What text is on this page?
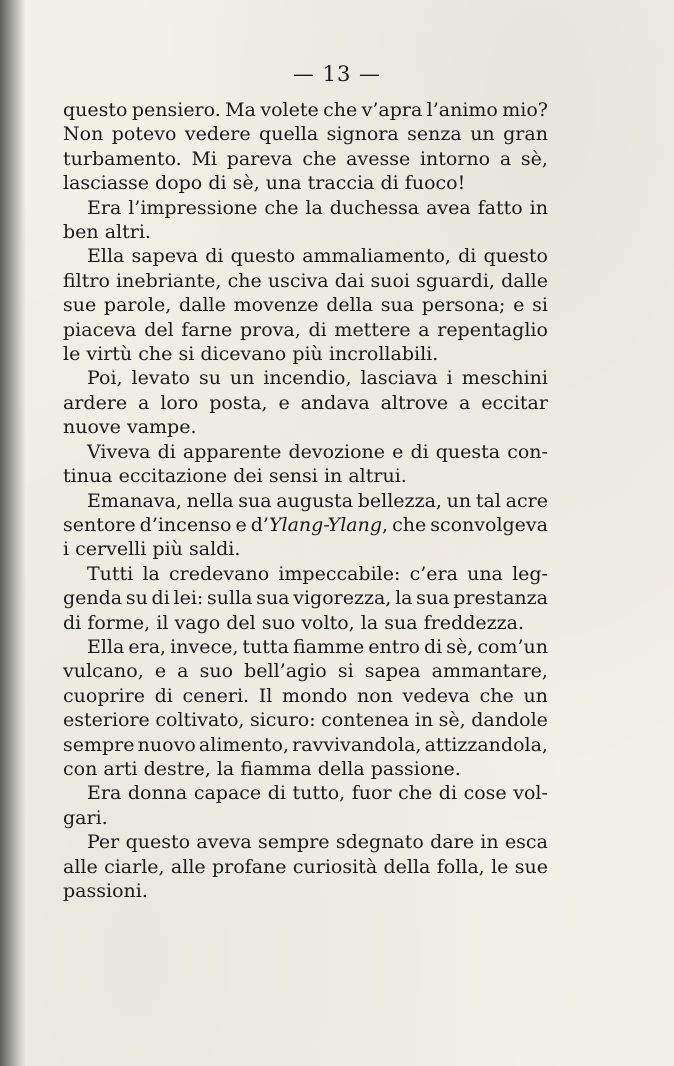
— 13 —
questo pensiero. Ma volete che v’apra l’animo mio?
Non potevo vedere quella signora senza un gran
turbamento. Mi pareva che avesse intorno a sè,
lasciasse dopo di sè, una traccia di fuoco!
Era l’impressione che la duchessa avea fatto in
ben altri.
Ella sapeva di questo ammaliamento, di questo
filtro inebriante, che usciva dai suoi sguardi, dalle
sue parole, dalle movenze della sua persona; e si
piaceva del farne prova, di mettere a repentaglio
le virtù che si dicevano più incrollabili.
Poi, levato su un incendio, lasciava i meschini
ardere a loro posta, e andava altrove a eccitar
nuove vampe.
Viveva di apparente devozione e di questa con-
tinua eccitazione dei sensi in altrui.
Emanava, nella sua augusta bellezza, un tal acre
sentore d’incenso e d’Ylang-Ylang, che sconvolgeva
i cervelli più saldi.
Tutti la credevano impeccabile: c’era una leg-
genda su di lei: sulla sua vigorezza, la sua prestanza
di forme, il vago del suo volto, la sua freddezza.
Ella era, invece, tutta fiamme entro di sè, com’un
vulcano, e a suo bell’agio si sapea ammantare,
cuoprire di ceneri. Il mondo non vedeva che un
esteriore coltivato, sicuro: contenea in sè, dandole
sempre nuovo alimento, ravvivandola, attizzandola,
con arti destre, la fiamma della passione.
Era donna capace di tutto, fuor che di cose vol-
gari.
Per questo aveva sempre sdegnato dare in esca
alle ciarle, alle profane curiosità della folla, le sue
passioni.
